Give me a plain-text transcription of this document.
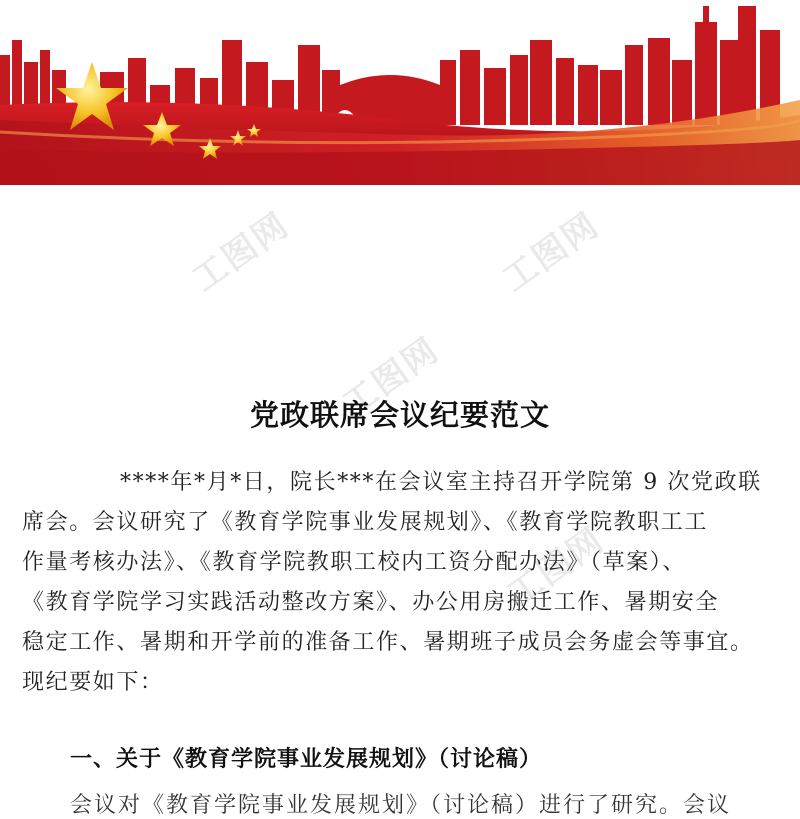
工图网	工图网
工图网
工图网
党政联席会议纪要范文
****年*月*日，院长***在会议室主持召开学院第 9 次党政联
席会。会议研究了《教育学院事业发展规划》、《教育学院教职工工
作量考核办法》、《教育学院教职工校内工资分配办法》（草案）、
《教育学院学习实践活动整改方案》、办公用房搬迁工作、暑期安全
稳定工作、暑期和开学前的准备工作、暑期班子成员会务虚会等事宜。
现纪要如下：
一、关于《教育学院事业发展规划》（讨论稿）
会议对《教育学院事业发展规划》（讨论稿）进行了研究。会议
